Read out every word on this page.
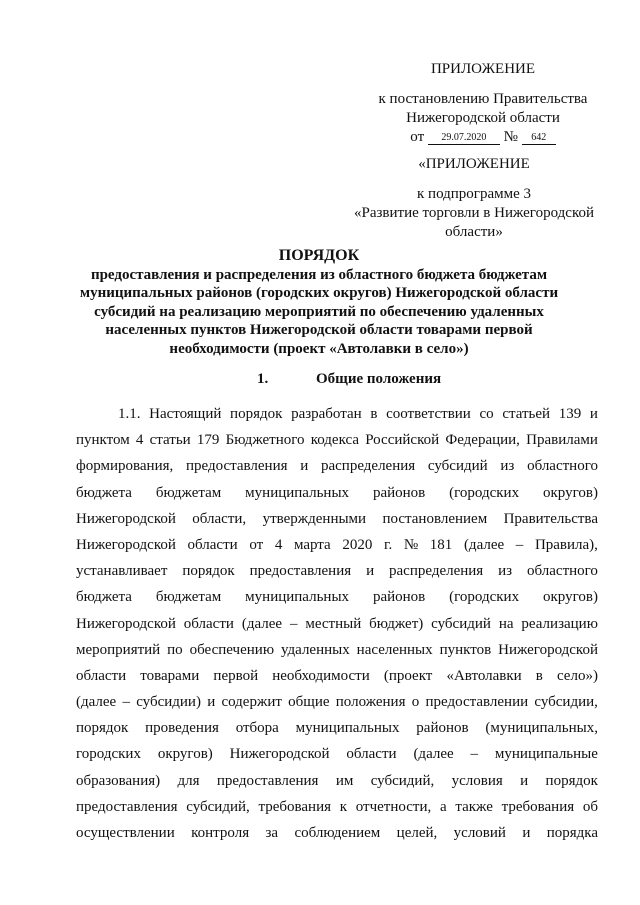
ПРИЛОЖЕНИЕ
к постановлению Правительства
Нижегородской области
от 29.07.2020 № 642
«ПРИЛОЖЕНИЕ
к подпрограмме 3
«Развитие торговли в Нижегородской
области»
ПОРЯДОК
предоставления и распределения из областного бюджета бюджетам
муниципальных районов (городских округов) Нижегородской области
субсидий на реализацию мероприятий по обеспечению удаленных
населенных пунктов Нижегородской области товарами первой
необходимости (проект «Автолавки в село»)
1.	Общие положения
1.1. Настоящий порядок разработан в соответствии со статьей 139 и
пунктом 4 статьи 179 Бюджетного кодекса Российской Федерации, Правилами
формирования, предоставления и распределения субсидий из областного
бюджета бюджетам муниципальных районов (городских округов)
Нижегородской области, утвержденными постановлением Правительства
Нижегородской области от 4 марта 2020 г. № 181 (далее – Правила),
устанавливает порядок предоставления и распределения из областного
бюджета бюджетам муниципальных районов (городских округов)
Нижегородской области (далее – местный бюджет) субсидий на реализацию
мероприятий по обеспечению удаленных населенных пунктов Нижегородской
области товарами первой необходимости (проект «Автолавки в село»)
(далее – субсидии) и содержит общие положения о предоставлении субсидии,
порядок проведения отбора муниципальных районов (муниципальных,
городских округов) Нижегородской области (далее – муниципальные
образования) для предоставления им субсидий, условия и порядок
предоставления субсидий, требования к отчетности, а также требования об
осуществлении контроля за соблюдением целей, условий и порядка
